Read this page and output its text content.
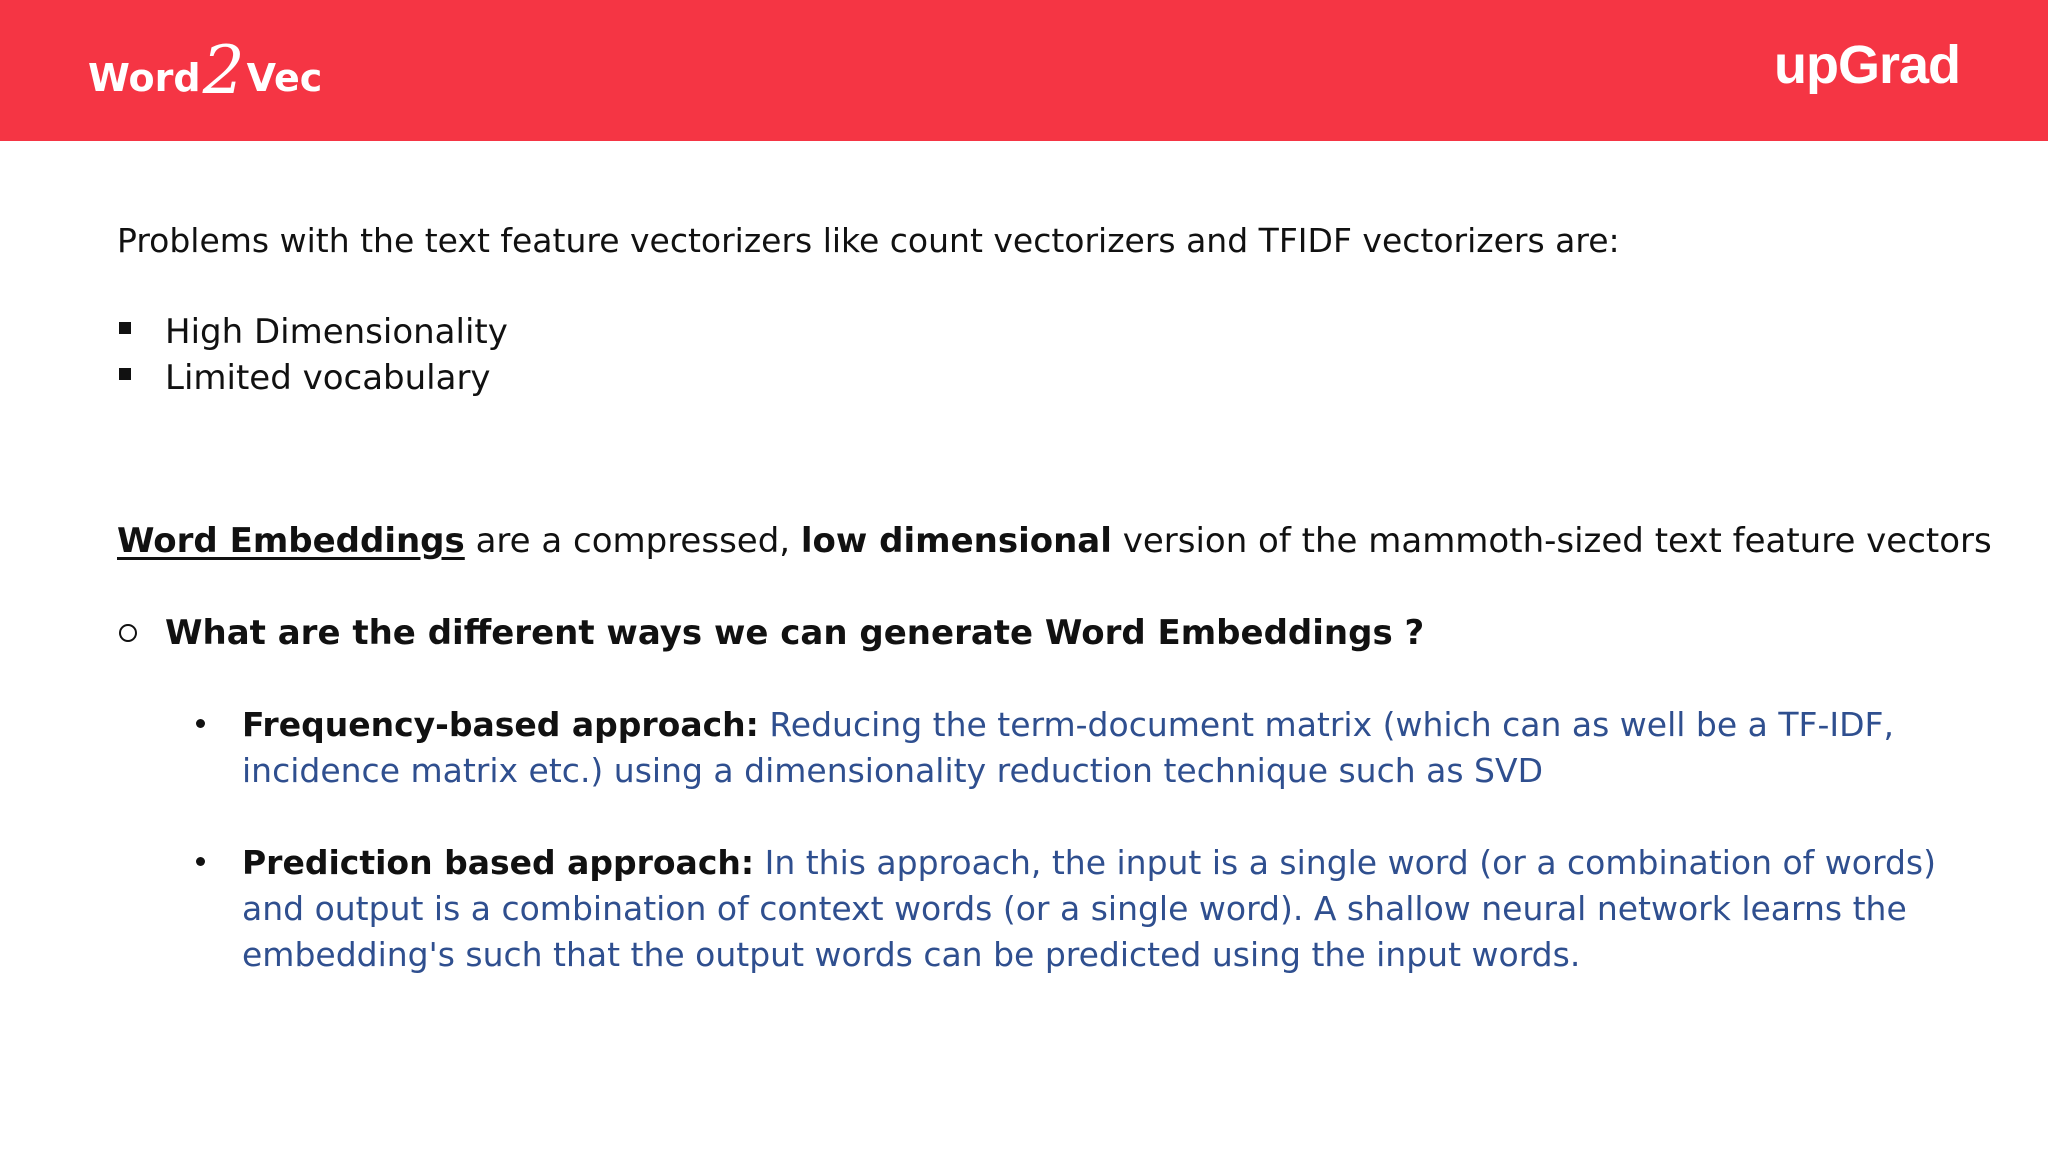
Word2Vec	upGrad
Problems with the text feature vectorizers like count vectorizers and TFIDF vectorizers are:
High Dimensionality
Limited vocabulary
Word Embeddings are a compressed, low dimensional version of the mammoth-sized text feature vectors
What are the different ways we can generate Word Embeddings ?
Frequency-based approach: Reducing the term-document matrix (which can as well be a TF-IDF,
incidence matrix etc.) using a dimensionality reduction technique such as SVD
Prediction based approach: In this approach, the input is a single word (or a combination of words)
and output is a combination of context words (or a single word). A shallow neural network learns the
embedding's such that the output words can be predicted using the input words.
